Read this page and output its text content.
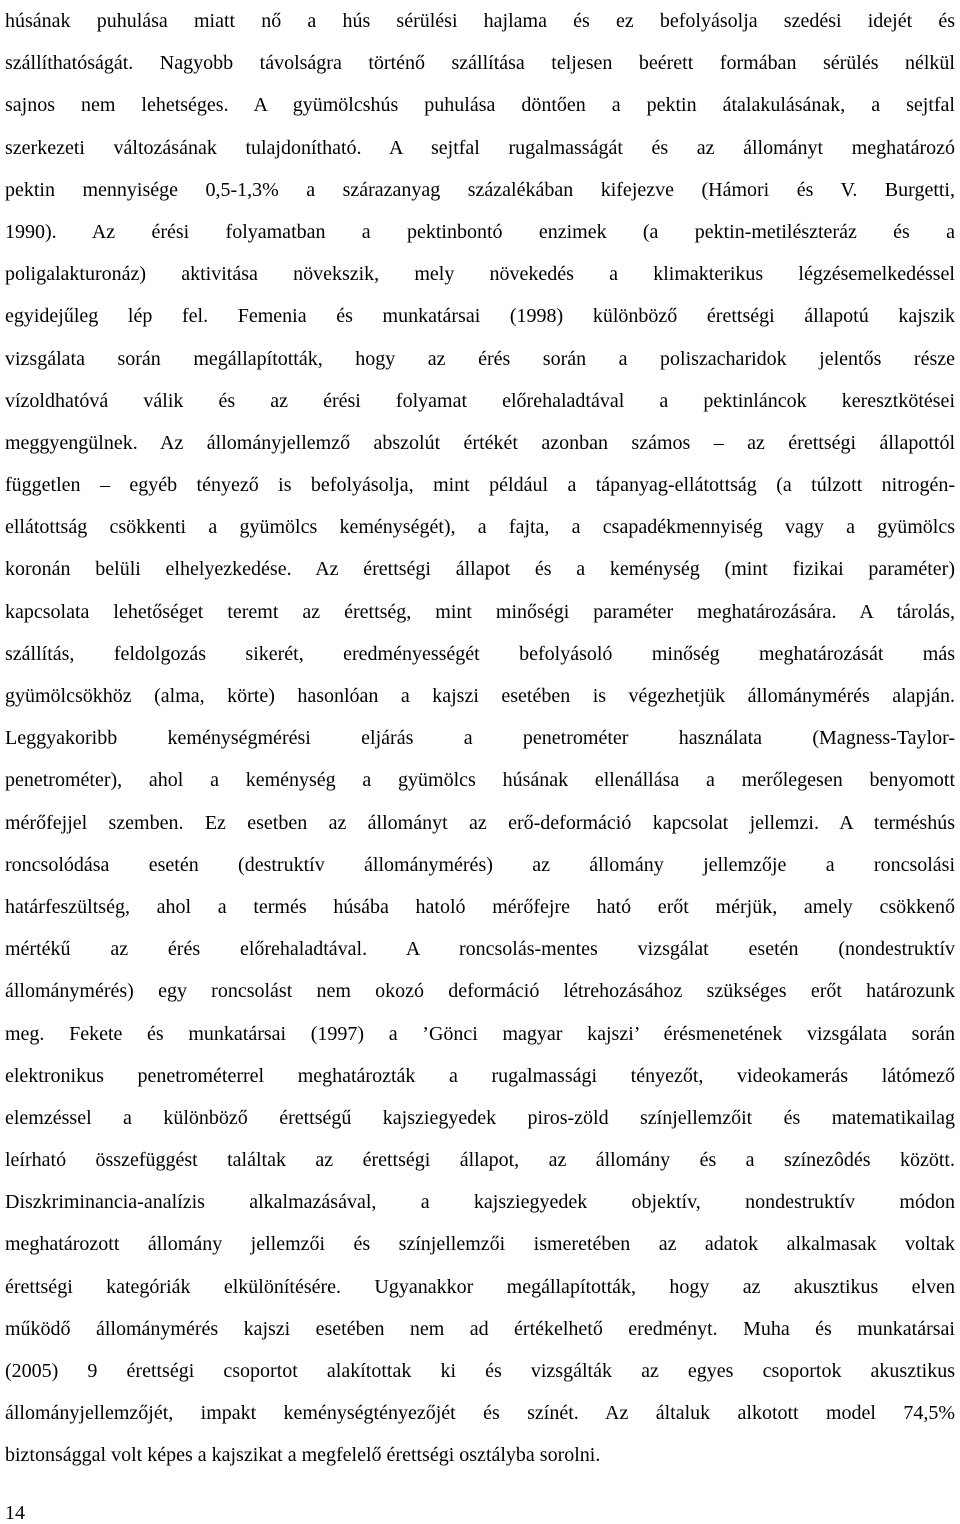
húsának puhulása miatt nő a hús sérülési hajlama és ez befolyásolja szedési idejét és
szállíthatóságát. Nagyobb távolságra történő szállítása teljesen beérett formában sérülés nélkül
sajnos nem lehetséges. A gyümölcshús puhulása döntően a pektin átalakulásának, a sejtfal
szerkezeti változásának tulajdonítható. A sejtfal rugalmasságát és az állományt meghatározó
pektin mennyisége 0,5-1,3% a szárazanyag százalékában kifejezve (Hámori és V. Burgetti,
1990). Az érési folyamatban a pektinbontó enzimek (a pektin-metilészteráz és a
poligalakturonáz) aktivitása növekszik, mely növekedés a klimakterikus légzésemelkedéssel
egyidejűleg lép fel. Femenia és munkatársai (1998) különböző érettségi állapotú kajszik
vizsgálata során megállapították, hogy az érés során a poliszacharidok jelentős része
vízoldhatóvá válik és az érési folyamat előrehaladtával a pektinláncok keresztkötései
meggyengülnek. Az állományjellemző abszolút értékét azonban számos – az érettségi állapottól
független – egyéb tényező is befolyásolja, mint például a tápanyag-ellátottság (a túlzott nitrogén-
ellátottság csökkenti a gyümölcs keménységét), a fajta, a csapadékmennyiség vagy a gyümölcs
koronán belüli elhelyezkedése. Az érettségi állapot és a keménység (mint fizikai paraméter)
kapcsolata lehetőséget teremt az érettség, mint minőségi paraméter meghatározására. A tárolás,
szállítás, feldolgozás sikerét, eredményességét befolyásoló minőség meghatározását más
gyümölcsökhöz (alma, körte) hasonlóan a kajszi esetében is végezhetjük állománymérés alapján.
Leggyakoribb keménységmérési eljárás a penetrométer használata (Magness-Taylor-
penetrométer), ahol a keménység a gyümölcs húsának ellenállása a merőlegesen benyomott
mérőfejjel szemben. Ez esetben az állományt az erő-deformáció kapcsolat jellemzi. A terméshús
roncsolódása esetén (destruktív állománymérés) az állomány jellemzője a roncsolási
határfeszültség, ahol a termés húsába hatoló mérőfejre ható erőt mérjük, amely csökkenő
mértékű az érés előrehaladtával. A roncsolás-mentes vizsgálat esetén (nondestruktív
állománymérés) egy roncsolást nem okozó deformáció létrehozásához szükséges erőt határozunk
meg. Fekete és munkatársai (1997) a ’Gönci magyar kajszi’ érésmenetének vizsgálata során
elektronikus penetrométerrel meghatározták a rugalmassági tényezőt, videokamerás látómező
elemzéssel a különböző érettségű kajsziegyedek piros-zöld színjellemzőit és matematikailag
leírható összefüggést találtak az érettségi állapot, az állomány és a színezôdés között.
Diszkriminancia-analízis alkalmazásával, a kajsziegyedek objektív, nondestruktív módon
meghatározott állomány jellemzői és színjellemzői ismeretében az adatok alkalmasak voltak
érettségi kategóriák elkülönítésére. Ugyanakkor megállapították, hogy az akusztikus elven
működő állománymérés kajszi esetében nem ad értékelhető eredményt. Muha és munkatársai
(2005) 9 érettségi csoportot alakítottak ki és vizsgálták az egyes csoportok akusztikus
állományjellemzőjét, impakt keménységtényezőjét és színét. Az általuk alkotott model 74,5%
biztonsággal volt képes a kajszikat a megfelelő érettségi osztályba sorolni.
14
